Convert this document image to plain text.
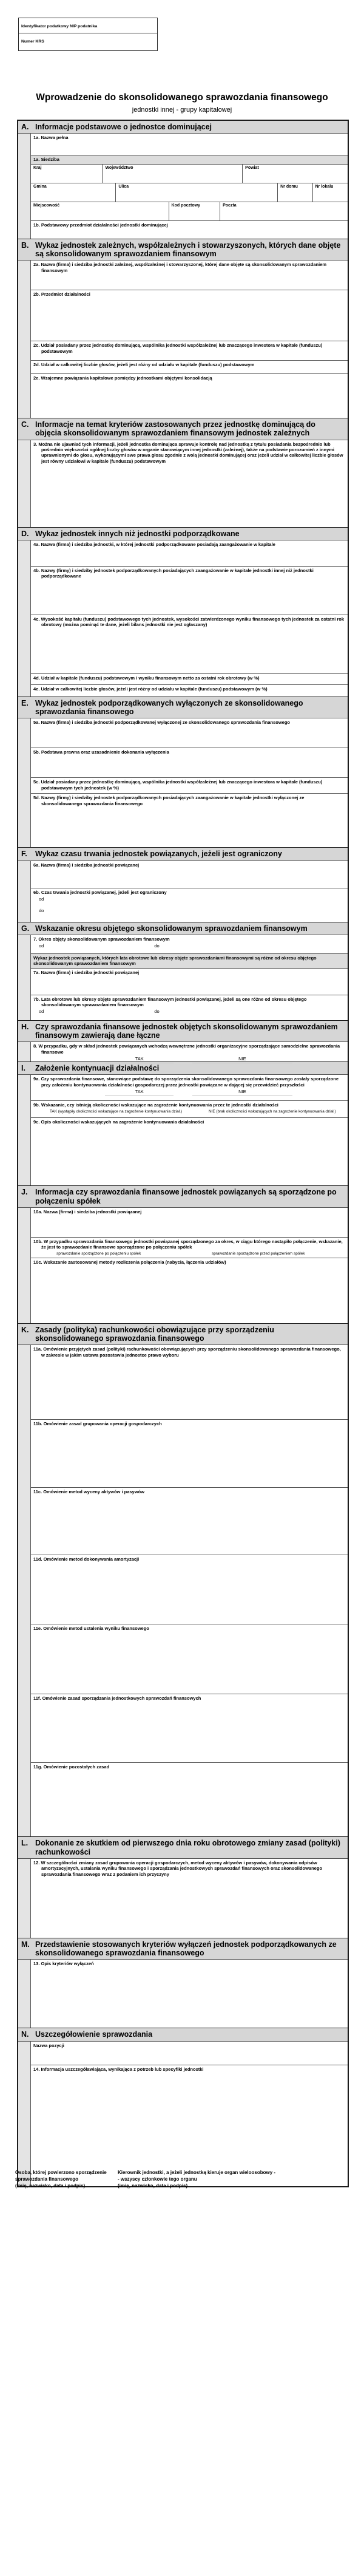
Identyfikator podatkowy NIP podatnika
Numer KRS
Wprowadzenie do skonsolidowanego sprawozdania finansowego
jednostki innej - grupy kapitałowej
A. Informacje podstawowe o jednostce dominującej
1a. Nazwa pełna
1a. Siedziba
Kraj	Województwo	Powiat
Gmina	Ulica	Nr domu	Nr lokalu
Miejscowość	Kod pocztowy	Poczta
1b. Podstawowy przedmiot działalności jednostki dominującej
B. Wykaz jednostek zależnych, współzależnych i stowarzyszonych, których dane objęte są skonsolidowanym sprawozdaniem finansowym
2a. Nazwa (firma) i siedziba jednostki zależnej, współzależnej i stowarzyszonej, której dane objęte są skonsolidowanym sprawozdaniem finansowym
2b. Przedmiot działalności
2c. Udział posiadany przez jednostkę dominującą, wspólnika jednostki współzależnej lub znaczącego inwestora w kapitale (funduszu) podstawowym
2d. Udział w całkowitej liczbie głosów, jeżeli jest różny od udziału w kapitale (funduszu) podstawowym
2e. Wzajemne powiązania kapitałowe pomiędzy jednostkami objętymi konsolidacją
C. Informacje na temat kryteriów zastosowanych przez jednostkę dominującą do objęcia skonsolidowanym sprawozdaniem finansowym jednostek zależnych
3. Można nie ujawniać tych informacji, jeżeli jednostka dominująca sprawuje kontrolę nad jednostką z tytułu posiadania bezpośrednio lub pośrednio większości ogólnej liczby głosów w organie stanowiącym innej jednostki (zależnej), także na podstawie porozumień z innymi uprawnionymi do głosu, wykonującymi swe prawa głosu zgodnie z wolą jednostki dominującej oraz jeżeli udział w całkowitej liczbie głosów jest równy udziałowi w kapitale (funduszu) podstawowym
D. Wykaz jednostek innych niż jednostki podporządkowane
4a. Nazwa (firma) i siedziba jednostki, w której jednostki podporządkowane posiadają zaangażowanie w kapitale
4b. Nazwy (firmy) i siedziby jednostek podporządkowanych posiadających zaangażowanie w kapitale jednostki innej niż jednostki podporządkowane
4c. Wysokość kapitału (funduszu) podstawowego tych jednostek, wysokości zatwierdzonego wyniku finansowego tych jednostek za ostatni rok obrotowy (można pominąć te dane, jeżeli bilans jednostki nie jest ogłaszany)
4d. Udział w kapitale (funduszu) podstawowym i wyniku finansowym netto za ostatni rok obrotowy (w %)
4e. Udział w całkowitej liczbie głosów, jeżeli jest różny od udziału w kapitale (funduszu) podstawowym (w %)
E. Wykaz jednostek podporządkowanych wyłączonych ze skonsolidowanego sprawozdania finansowego
5a. Nazwa (firma) i siedziba jednostki podporządkowanej wyłączonej ze skonsolidowanego sprawozdania finansowego
5b. Podstawa prawna oraz uzasadnienie dokonania wyłączenia
5c. Udział posiadany przez jednostkę dominującą, wspólnika jednostki współzależnej lub znaczącego inwestora w kapitale (funduszu) podstawowym tych jednostek (w %)
5d. Nazwy (firmy) i siedziby jednostek podporządkowanych posiadających zaangażowanie w kapitale jednostki wyłączonej ze skonsolidowanego sprawozdania finansowego
F.	Wykaz czasu trwania jednostek powiązanych, jeżeli jest ograniczony
6a. Nazwa (firma) i siedziba jednostki powiązanej
6b. Czas trwania jednostki powiązanej, jeżeli jest ograniczony
od
do
G. Wskazanie okresu objętego skonsolidowanym sprawozdaniem finansowym
7. Okres objęty skonsolidowanym sprawozdaniem finansowym
od	do
Wykaz jednostek powiązanych, których lata obrotowe lub okresy objęte sprawozdaniami finansowymi są różne od okresu objętego skonsolidowanym sprawozdaniem finansowym
7a. Nazwa (firma) i siedziba jednostki powiązanej
7b. Lata obrotowe lub okresy objęte sprawozdaniem finansowym jednostki powiązanej, jeżeli są one różne od okresu objętego skonsolidowanym sprawozdaniem finansowym
od	do
H. Czy sprawozdania finansowe jednostek objętych skonsolidowanym sprawozdaniem finansowym zawierają dane łączne
8. W przypadku, gdy w skład jednostek powiązanych wchodzą wewnętrzne jednostki organizacyjne sporządzające samodzielne sprawozdania finansowe
TAK	NIE
I.	Założenie kontynuacji działalności
9a. Czy sprawozdania finansowe, stanowiące podstawę do sporządzenia skonsolidowanego sprawozdania finansowego zostały sporządzone przy założeniu kontynuowania działalności gospodarczej przez jednostki powiązane w dającej się przewidzieć przyszłości
TAK	NIE
9b. Wskazanie, czy istnieją okoliczności wskazujące na zagrożenie kontynuowania przez te jednostki działalności
TAK (wystąpiły okoliczności wskazujące na zagrożenie kontynuowania dział.)	NIE (brak okoliczności wskazujących na zagrożenie kontynuowania dział.)
9c. Opis okoliczności wskazujących na zagrożenie kontynuowania działalności
J.	Informacja czy sprawozdania finansowe jednostek powiązanych są sporządzone po połączeniu spółek
10a. Nazwa (firma) i siedziba jednostki powiązanej
10b. W przypadku sprawozdania finansowego jednostki powiązanej sporządzonego za okres, w ciągu którego nastąpiło połączenie, wskazanie, że jest to sprawozdanie finansowe sporządzone po połączeniu spółek
sprawozdanie sporządzone po połączeniu spółek	sprawozdanie sporządzone przed połączeniem spółek
10c. Wskazanie zastosowanej metody rozliczenia połączenia (nabycia, łączenia udziałów)
K. Zasady (polityka) rachunkowości obowiązujące przy sporządzeniu skonsolidowanego sprawozdania finansowego
11a. Omówienie przyjętych zasad (polityki) rachunkowości obowiązujących przy sporządzeniu skonsolidowanego sprawozdania finansowego, w zakresie w jakim ustawa pozostawia jednostce prawo wyboru
11b. Omówienie zasad grupowania operacji gospodarczych
11c. Omówienie metod wyceny aktywów i pasywów
11d. Omówienie metod dokonywania amortyzacji
11e. Omówienie metod ustalenia wyniku finansowego
11f. Omówienie zasad sporządzania jednostkowych sprawozdań finansowych
11g. Omówienie pozostałych zasad
L. Dokonanie ze skutkiem od pierwszego dnia roku obrotowego zmiany zasad (polityki) rachunkowości
12. W szczególności zmiany zasad grupowania operacji gospodarczych, metod wyceny aktywów i pasywów, dokonywania odpisów amortyzacyjnych, ustalania wyniku finansowego i sporządzania jednostkowych sprawozdań finansowych oraz skonsolidowanego sprawozdania finansowego wraz z podaniem ich przyczyny
M. Przedstawienie stosowanych kryteriów wyłączeń jednostek podporządkowanych ze skonsolidowanego sprawozdania finansowego
13. Opis kryteriów wyłączeń
N. Uszczegółowienie sprawozdania
Nazwa pozycji
14. Informacja uszczegóławiająca, wynikająca z potrzeb lub specyfiki jednostki
Osoba, której powierzono sporządzenie
sprawozdania finansowego
(imię, nazwisko, data i podpis)
Kierownik jednostki, a jeżeli jednostką kieruje organ wieloosobowy -
- wszyscy członkowie tego organu
(imię, nazwisko, data i podpis)
